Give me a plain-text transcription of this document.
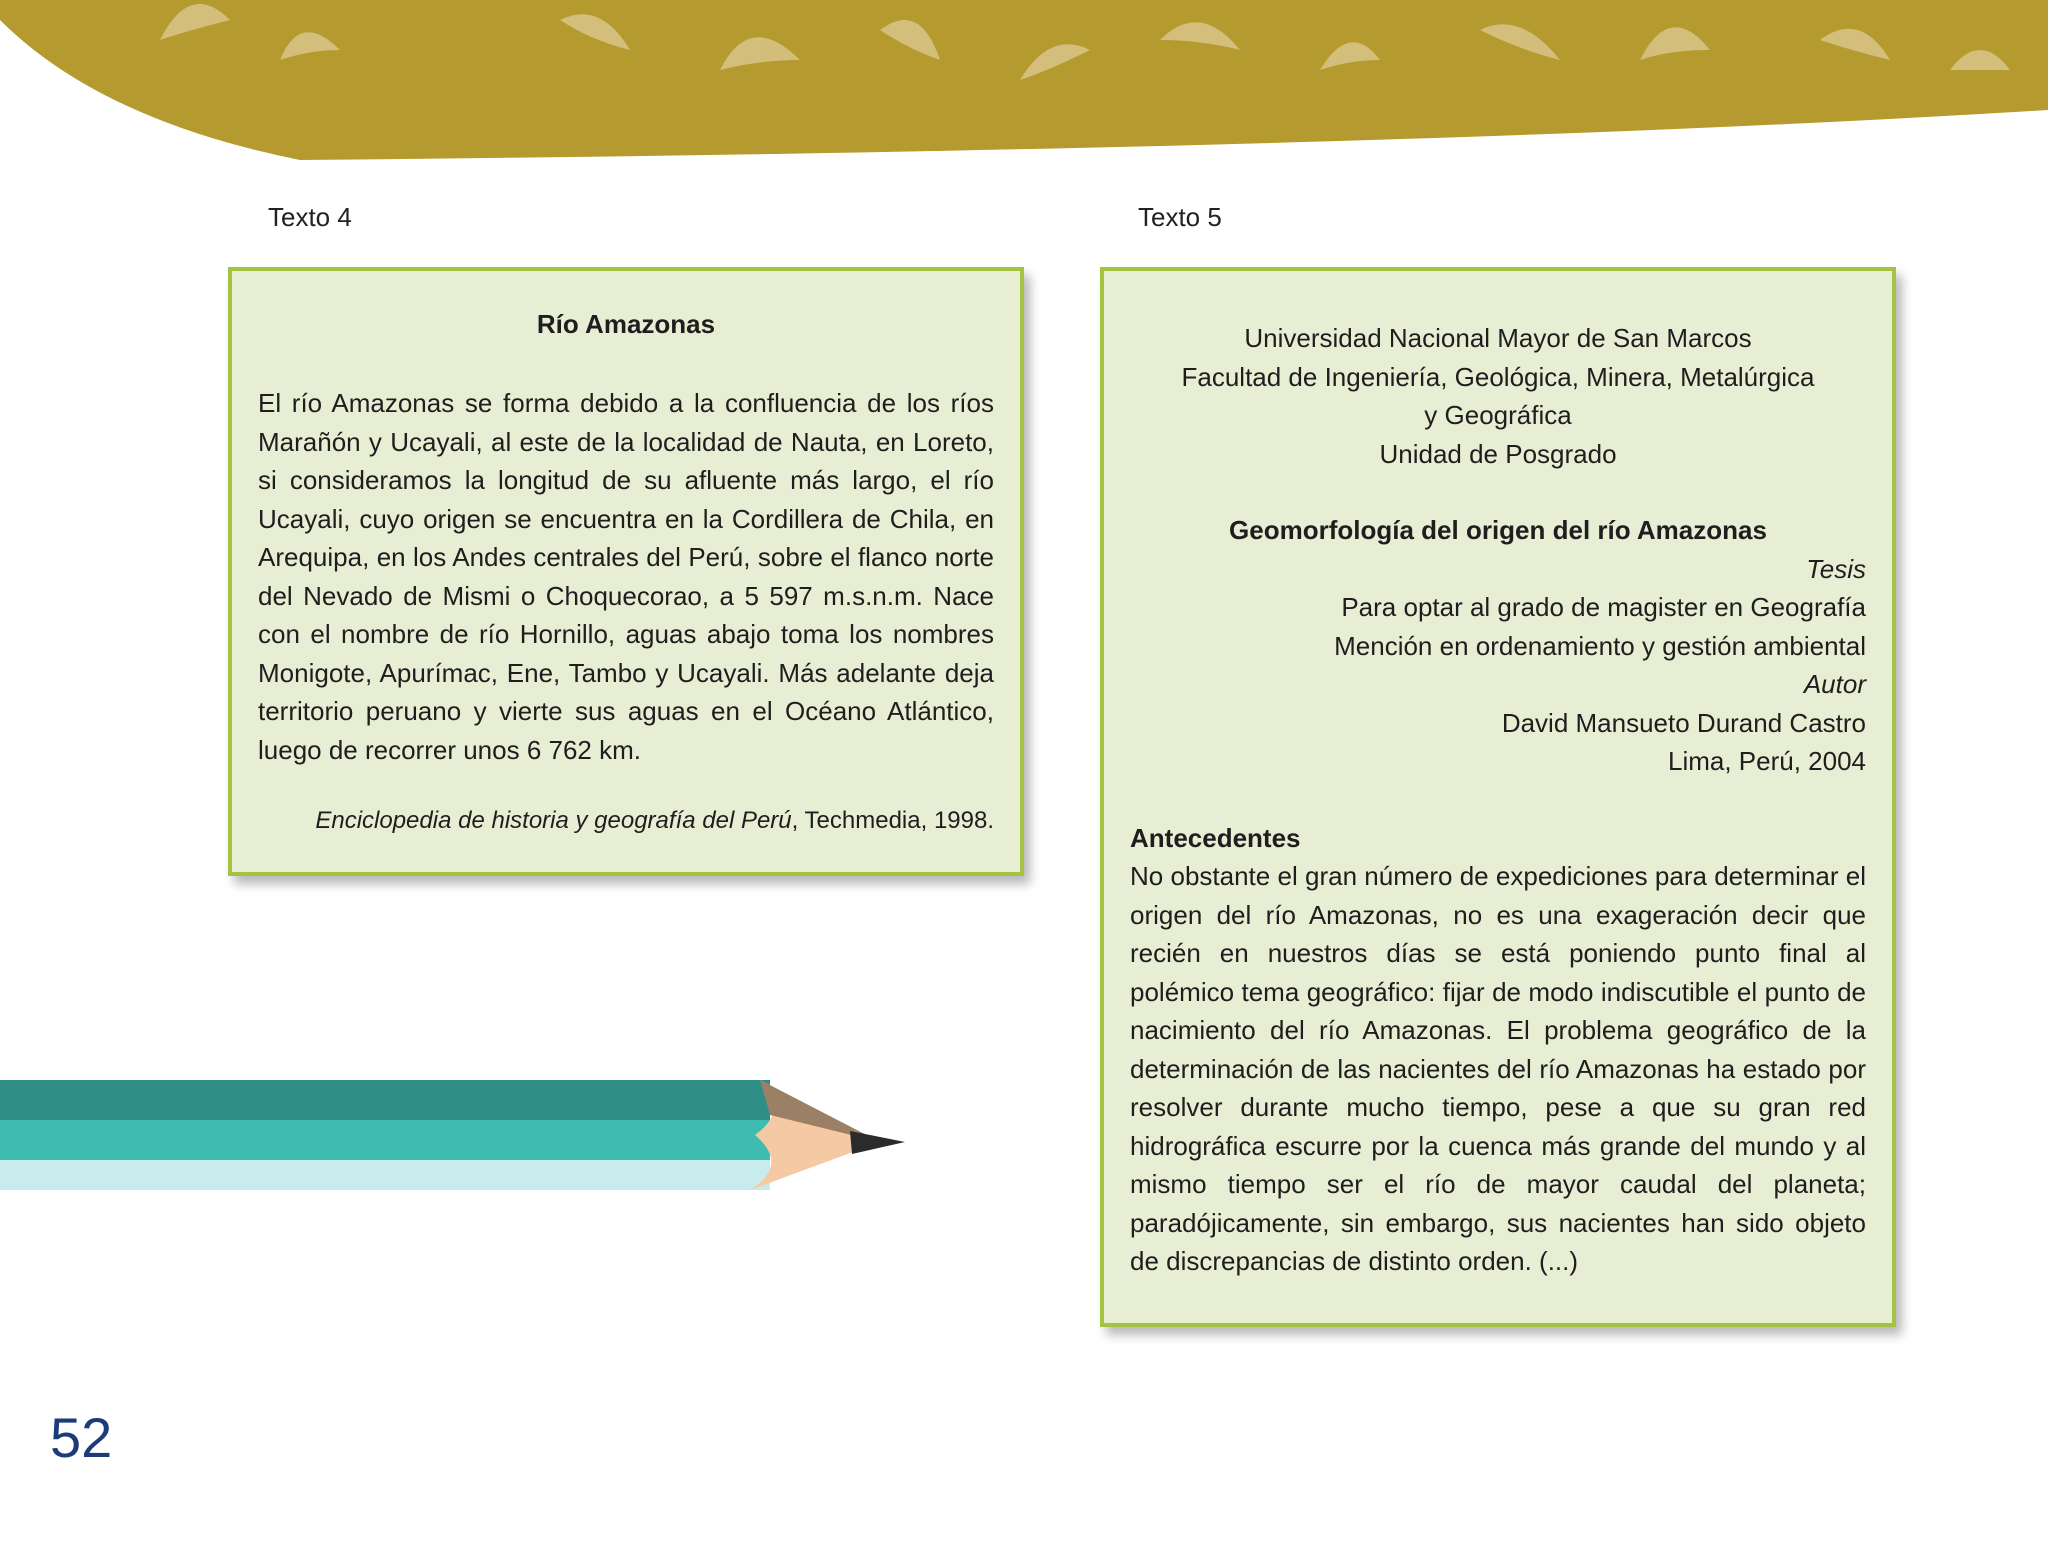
Texto 4	Texto 5
Río Amazonas

El río Amazonas se forma debido a la confluencia de los ríos Marañón y Ucayali, al este de la localidad de Nauta, en Loreto, si consideramos la longitud de su afluente más largo, el río Ucayali, cuyo origen se encuentra en la Cordillera de Chila, en Arequipa, en los Andes centrales del Perú, sobre el flanco norte del Nevado de Mismi o Choquecorao, a 5 597 m.s.n.m. Nace con el nombre de río Hornillo, aguas abajo toma los nombres Monigote, Apurímac, Ene, Tambo y Ucayali. Más adelante deja territorio peruano y vierte sus aguas en el Océano Atlántico, luego de recorrer unos 6 762 km.

Enciclopedia de historia y geografía del Perú, Techmedia, 1998.
Universidad Nacional Mayor de San Marcos
Facultad de Ingeniería, Geológica, Minera, Metalúrgica
y Geográfica
Unidad de Posgrado
Geomorfología del origen del río Amazonas
Tesis
Para optar al grado de magister en Geografía
Mención en ordenamiento y gestión ambiental
Autor
David Mansueto Durand Castro
Lima, Perú, 2004
Antecedentes

No obstante el gran número de expediciones para determinar el origen del río Amazonas, no es una exageración decir que recién en nuestros días se está poniendo punto final al polémico tema geográfico: fijar de modo indiscutible el punto de nacimiento del río Amazonas. El problema geográfico de la determinación de las nacientes del río Amazonas ha estado por resolver durante mucho tiempo, pese a que su gran red hidrográfica escurre por la cuenca más grande del mundo y al mismo tiempo ser el río de mayor caudal del planeta; paradójicamente, sin embargo, sus nacientes han sido objeto de discrepancias de distinto orden. (...)

52
